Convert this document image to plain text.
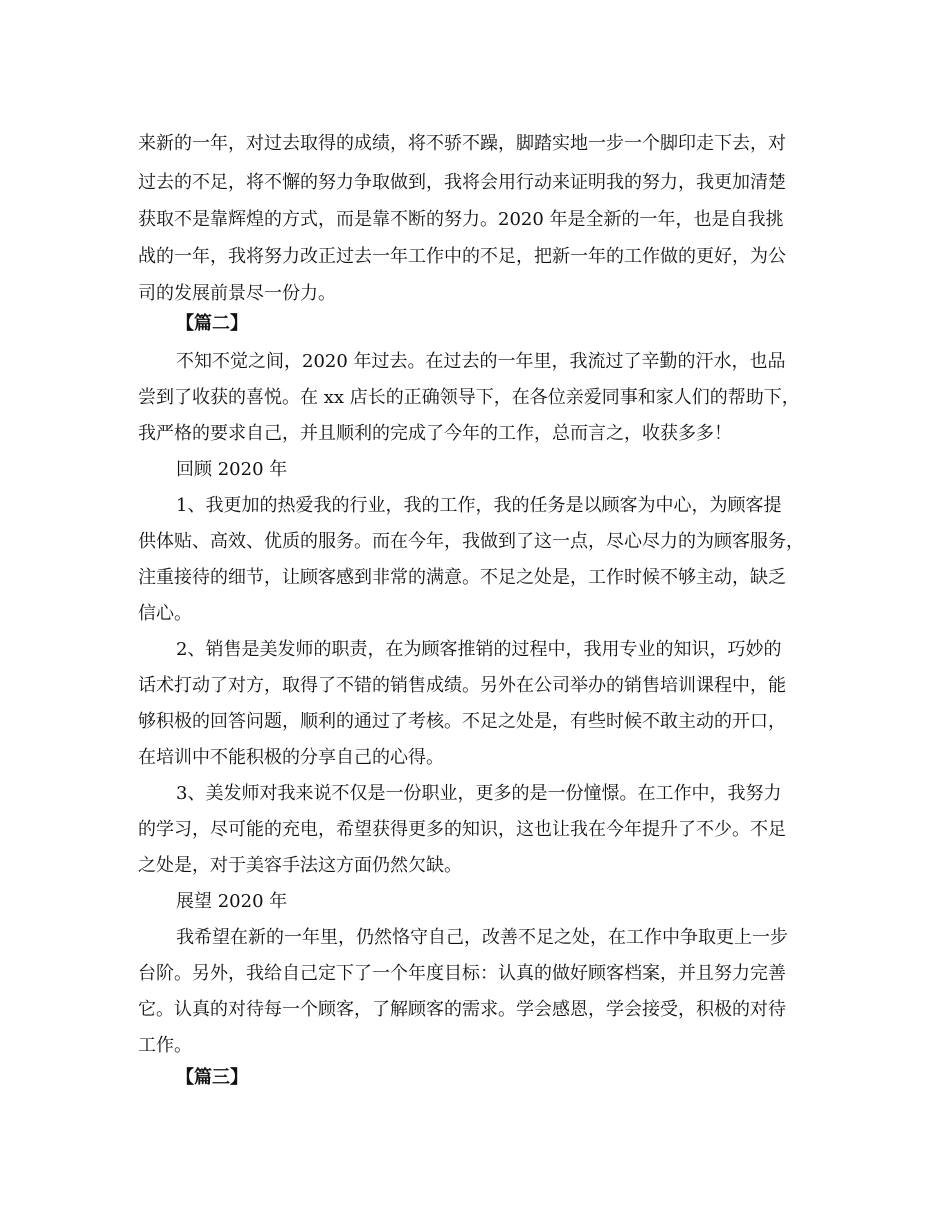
来新的一年，对过去取得的成绩，将不骄不躁，脚踏实地一步一个脚印走下去，对
过去的不足，将不懈的努力争取做到，我将会用行动来证明我的努力，我更加清楚
获取不是靠辉煌的方式，而是靠不断的努力。2020 年是全新的一年，也是自我挑
战的一年，我将努力改正过去一年工作中的不足，把新一年的工作做的更好，为公
司的发展前景尽一份力。
【篇二】
不知不觉之间，2020 年过去。在过去的一年里，我流过了辛勤的汗水，也品
尝到了收获的喜悦。在 xx 店长的正确领导下，在各位亲爱同事和家人们的帮助下，
我严格的要求自己，并且顺利的完成了今年的工作，总而言之，收获多多！
回顾 2020 年
1、我更加的热爱我的行业，我的工作，我的任务是以顾客为中心，为顾客提
供体贴、高效、优质的服务。而在今年，我做到了这一点，尽心尽力的为顾客服务，
注重接待的细节，让顾客感到非常的满意。不足之处是，工作时候不够主动，缺乏
信心。
2、销售是美发师的职责，在为顾客推销的过程中，我用专业的知识，巧妙的
话术打动了对方，取得了不错的销售成绩。另外在公司举办的销售培训课程中，能
够积极的回答问题，顺利的通过了考核。不足之处是，有些时候不敢主动的开口，
在培训中不能积极的分享自己的心得。
3、美发师对我来说不仅是一份职业，更多的是一份憧憬。在工作中，我努力
的学习，尽可能的充电，希望获得更多的知识，这也让我在今年提升了不少。不足
之处是，对于美容手法这方面仍然欠缺。
展望 2020 年
我希望在新的一年里，仍然恪守自己，改善不足之处，在工作中争取更上一步
台阶。另外，我给自己定下了一个年度目标：认真的做好顾客档案，并且努力完善
它。认真的对待每一个顾客，了解顾客的需求。学会感恩，学会接受，积极的对待
工作。
【篇三】
